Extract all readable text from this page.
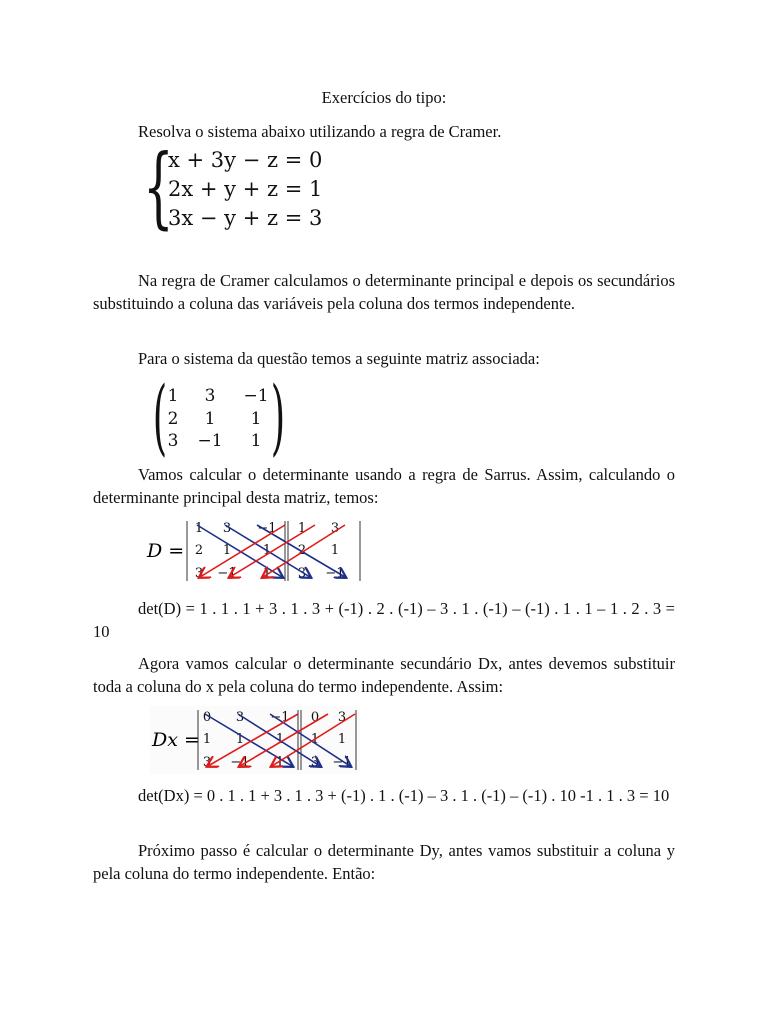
Exercícios do tipo:

Resolva o sistema abaixo utilizando a regra de Cramer.

{
x + 3y − z = 0
2x + y + z = 1
3x − y + z = 3

Na regra de Cramer calculamos o determinante principal e depois os secundários substituindo a coluna das variáveis pela coluna dos termos independente.

Para o sistema da questão temos a seguinte matriz associada:

( )
1	3	−1
2	1	1
3	−1	1

Vamos calcular o determinante usando a regra de Sarrus. Assim, calculando o determinante principal desta matriz, temos:

D =
1 3 −1 1 3
2 1 1 2 1
3 −1 1 3 −1

det(D) = 1 . 1 . 1 + 3 . 1 . 3 + (-1) . 2 . (-1) – 3 . 1 . (-1) – (-1) . 1 . 1 – 1 . 2 . 3 = 10

Agora vamos calcular o determinante secundário Dx, antes devemos substituir toda a coluna do x pela coluna do termo independente. Assim:

Dx =
0 3 −1 0 3
1 1 1 1 1
3 −1 1 3 −1

det(Dx) = 0 . 1 . 1 + 3 . 1 . 3 + (-1) . 1 . (-1) – 3 . 1 . (-1) – (-1) . 10 -1 . 1 . 3 = 10

Próximo passo é calcular o determinante Dy, antes vamos substituir a coluna y pela coluna do termo independente. Então:
